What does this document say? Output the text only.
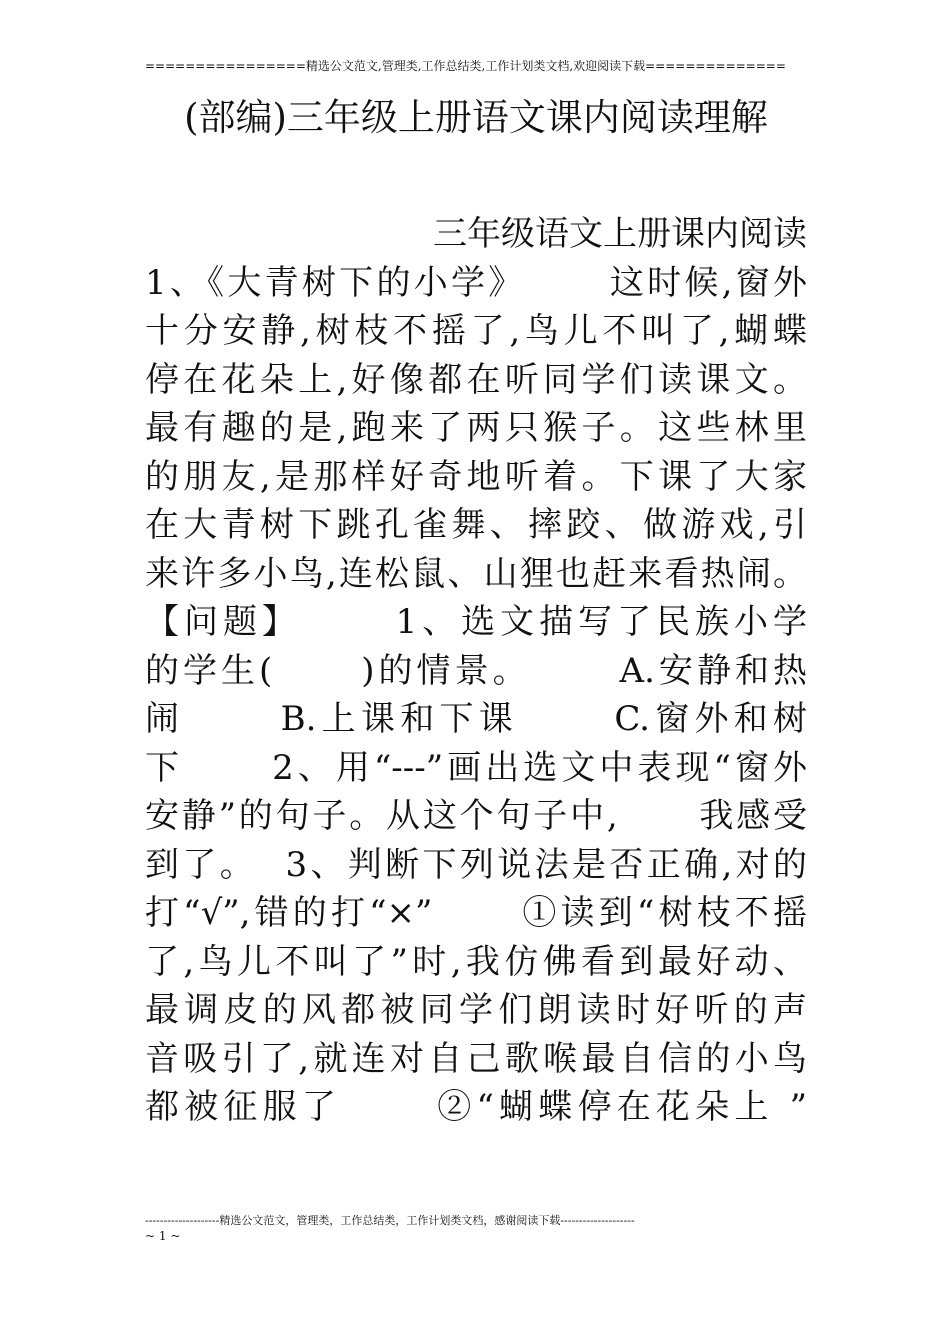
================精选公文范文,管理类,工作总结类,工作计划类文档,欢迎阅读下载==============
(部编)三年级上册语文课内阅读理解
三年级语文上册课内阅读
1、《大青树下的小学》      这时候,窗外
十分安静,树枝不摇了,鸟儿不叫了,蝴蝶
停在花朵上,好像都在听同学们读课文。
最有趣的是,跑来了两只猴子。这些林里
的朋友,是那样好奇地听着。下课了大家
在大青树下跳孔雀舞、摔跤、做游戏,引
来许多小鸟,连松鼠、山狸也赶来看热闹。
【问题】      1、选文描写了民族小学
的学生(      )的情景。      A.安静和热
闹      B.上课和下课      C.窗外和树
下      2、用“---”画出选文中表现“窗外
安静”的句子。从这个句子中,      我感受
到了。  3、判断下列说法是否正确,对的
打“√”,错的打“×”      ①读到“树枝不摇
了,鸟儿不叫了”时,我仿佛看到最好动、
最调皮的风都被同学们朗读时好听的声
音吸引了,就连对自己歌喉最自信的小鸟
都被征服了      ②“蝴蝶停在花朵上 ”
--------------------精选公文范文，管理类，工作总结类，工作计划类文档，感谢阅读下载--------------------
~ 1 ~
